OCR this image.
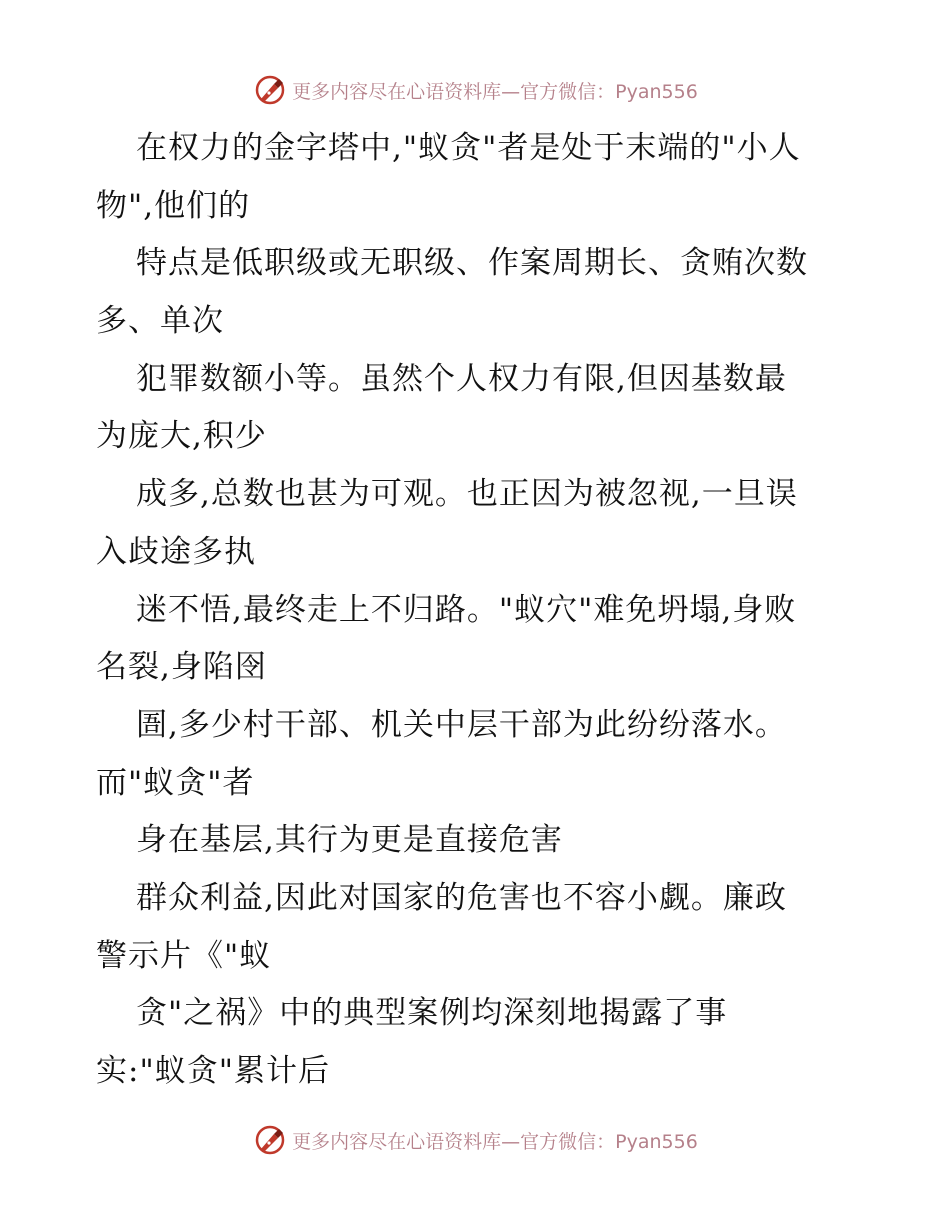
更多内容尽在心语资料库—官方微信：Pyan556
在权力的金字塔中,"蚁贪"者是处于末端的"小人
物",他们的
特点是低职级或无职级、作案周期长、贪贿次数
多、单次
犯罪数额小等。虽然个人权力有限,但因基数最
为庞大,积少
成多,总数也甚为可观。也正因为被忽视,一旦误
入歧途多执
迷不悟,最终走上不归路。"蚁穴"难免坍塌,身败
名裂,身陷囹
圄,多少村干部、机关中层干部为此纷纷落水。
而"蚁贪"者
身在基层,其行为更是直接危害
群众利益,因此对国家的危害也不容小觑。廉政
警示片《"蚁
贪"之祸》中的典型案例均深刻地揭露了事
实:"蚁贪"累计后
更多内容尽在心语资料库—官方微信：Pyan556
